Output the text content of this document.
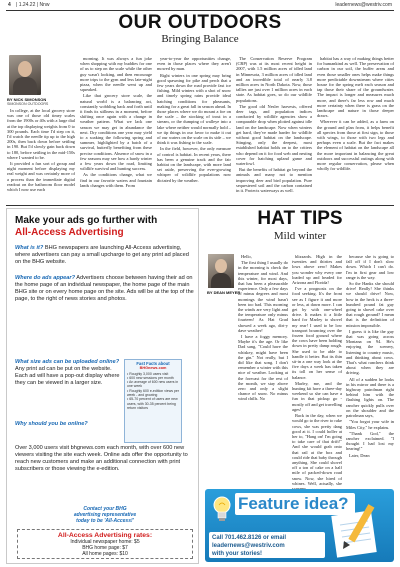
4 | 1.24.22 | Nnw	leadernews@westriv.com
OUR OUTDOORS
Bringing Balance
BY NICK SIMONSON
SIMONSON OUTDOORS

In college, at the local grocery store was one of those old timey scales from the 1900s or 40s with a large dial at the top displaying weights from 0 to 300 pounds. Each time I'd step on it, I'd watch the needle tip up to the high 200s, then back down before settling in 190. But I'd slowly gain back down to 180, before settling in the mid-150s where I wanted to be.

It provided a fun sort of group and night moment before displaying my real weight and was certainly more of a process than the immediate digital readout on the bathroom floor model which I now use each

morning. It was always a fun joke when shopping with my buddies for one of us to step on the scale while the other guy wasn't looking, and then encourage more trips to the gym and less late-night pizza, when the needle went up and squeaked.

Like that grocery store scale, the natural world is a balancing act, constantly wobbling back and forth until it finds its stillness in a moment, before shifting once again with a change in weather pattern. What we lack one season we may get in abundance the next. Dry conditions one year may yield to a soaking the following spring and summer, highlighted by a batch of a survival, butterfly benefiting from these precise conditions. Absence of snow in a few seasons may see how a hardy winter a few years down the road, limiting wildlife survival and hunting success.

As the conditions change, what we find in our favorite waters and fountain lands changes with them. From

year-to-year the opportunities change, even in those places where they aren't mowed by man.

Right winters in one spring may bring good spawning for pike and perch that a few years down the road provide fast ice fishing. Mild winters with a shot of snow and timely spring rains provide ideal hatching conditions for pheasants, making for a great fall in season ahead. In those places where we do mount a foe on the scale – the stocking of trout in a stream, or the dumping of walleye into a lake where neither would normally hold – we tip things in our favor to make it out of our waters on the scale on its side – we think it was fishing to the scale.

In the field, however, the only measure of control is habitat. In recent years, there has been a genuine track and the fair habitat on the landscape, with more land set aside, preserving the ever-growing whisper of wildlife populations now dictated by the weather.

The Conservation Reserve Program (CRP) was at its most recent height in 2007, with 1.5 million acres of idled land in Minnesota, 3 million acres of idled land and an incredible total of nearly 3.8 million acres in North Dakota. Now, those tallies are just over 1 million acres in each state. As habitat goes, so do our wildlife populations.

The good old Nesler harvests, offered deer tags, and population indices conducted by wildlife agencies show a comparable drop when plotted against idle land on the landscape. Now when winters get hard, they've made harder for wildlife without good habitat on the landscape. Stinging, only the deepest, most established habitat holds on to the critters who depend on it for food web and nesting cover for hatching upland game and waterfowl.

But the benefits of habitat go beyond the animals and many not to mention improving deer and bird population. Pure sequestered soil and the carbon contained in it. Protects waterways as well.

habitat has a way of making things better for humankind as well. The preservation of carbon in our soil, the buffer areas and even those smaller ones helps make things more predictable downstream where cities house for the spring melt each season and tap those their share of the groundwater. The impact is longer and measures much more, and there's far less row and much more certainty when there is grass on the landscape and nature in those deeper draws.

Wherever it can be added, as a farm on the ground and plan from, it helps benefit all species from those at first sign, to those with wings, to those with two legs and perhaps even a scale. But the fact makes the element of habitat on the landscape all the more important in balancing the great outdoors and successful outings along with more regular conservation, please when wholly for wildlife.

Make your ads go further with
All-Access Advertising
What is it? BHG newspapers are launching All-Access advertising, where advertisers can pay a small upcharge to get any print ad placed on the BHG website.
Where do ads appear? Advertisers choose between having their ad on the home page of an individual newspaper, the home page of the main BHG site or on every home page on the site. Ads will be at the top of the page, to the right of news stories and photos.
What size ads can be uploaded online? Any print ad can be put on the website. Each ad will have a pop-out display where they can be viewed in a larger size.
Why should you be online?
Over 3,000 users visit bhgnews.com each month, with over 600 new viewers visiting the site each week. Online ads offer the opportunity to reach new customers and make an additional connection with print subscribers or those viewing the e-edition.
Fast Facts about
BHGnews.com
• Roughly 3,000 users visit
• 600 new sessions per month
• An average of 600 new users in one week
• Roughly 600 e-edition views per week - and growing
• 65-70 percent of users are new users, with 30-35 percent being return visitors
Contact your BHG
advertising representative
today to be 'All-Access!'
All-Access Advertising rates:
Individual newspaper home: $5
BHG home page: $7
All home pages: $10
HAT TIPS
Mild winter
BY DEAN MEYER

Hello,

The first thing I usually do in the morning is check the temperature and wind. And this winter, for most days, that has been a pleasurable experience. Only a few days of minus degrees and most mornings the wind hasn't been too bad. This morning the winds are very light and the temperature only minus fourteen! As Hat Grad showed a week ago, dirt-y dave weather!

I have a foggy memory. Maybe it's the age. Or like Dad sang, "Could have the whiskey, might have been the gin." Not really, but I did like that song. I don't remember a winter with this nice of weather. Looking at the forecast for the rest of the month, we stay above zero and only a slight chance of snow. No minus wind chills. No

blizzards. High in the twenties and thirties and lows above zero! Makes you wonder why every one loaded up and headed for Arizona and Florida!

I've a prognosis on the food seeking. It's the front see as I figure it and more or less, at dawn more. I can get by with one-wheel drive. It makes it a little hard for Marley to shovel my rear! I used to be low transport bouncing over the frozen food ground where the cows have been holding down in pretty damp rough. She used to be able to handle it better. But its thin sit-in a one way look at the five days a week has taken its toll on her sense of balance.

Marley, me, and the hunting kit have a three-day weekend so she can have a fun in that pickup go - mostly off and get travelling ages!

Back in the day, when we would go to the river to rake cows, she was pretty dang good at it. I could holler at her to, "Hang on! I'm going to take care of that drift!" And she would grab onto that rail at the box and could ride that baby through anything. She could shovel off a ton of cake on a half mile of packed-down road snow. Now, she hired of whines. Well, actually, she

because she is going to fall off if I don't slow down. Which I can't do. I'm in first gear and low range is the way.

So the Hanks she should drive! Really! She thinks we should drive! Now, how in the heck is a three-hundred pound fat guy going to shovel cake over that rough ground? I mean that is the definition of mission impossible.

I guess it is like the guy that was going across Montana on 94. He's enjoying the scenery, listening to country music, and thinking about cows. That's what ranchers think about when they are driving.

All of a sudden he looks in his mirror and there is a highway patrolman right behind him with the flashing lights on. The rancher quickly pulls over on the shoulder and the patrolman says,

"You forgot your wife in Miles City," he explains.

"Thank God," the rancher exclaimed. "I thought I had lost my hearing!"

Later, Dean

Feature idea?
Call 701.462.8126 or email
leadernews@westriv.com
with your stories!
